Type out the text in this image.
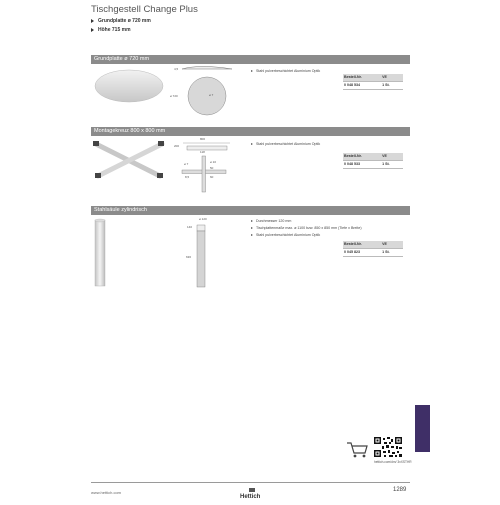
Tischgestell Change Plus
Grundplatte ø 720 mm
Höhe 715 mm
Grundplatte ø 720 mm
4,5
ø 720	ø 7
Stahl pulverbeschichtet Aluminium Optik
Bestell-Nr.	VE
0 048 534	1 St.
Montagekreuz 800 x 800 mm
800
200
118
ø 7	ø 10
50
8,5	60
Stahl pulverbeschichtet Aluminium Optik
Bestell-Nr.	VE
0 048 533	1 St.
Stahlsäule zylindrisch
ø 120
140
636
Durchmesser 120 mm
Tischplattenmaße max. ø 1100 bzw. 850 x 850 mm (Tiefe x Breite)
Stahl pulverbeschichtet Aluminium Optik
Bestell-Nr.	VE
0 045 823	1 St.
hettich.com/dm/ 3xXSTHR
www.hettich.com
Hettich
1289
